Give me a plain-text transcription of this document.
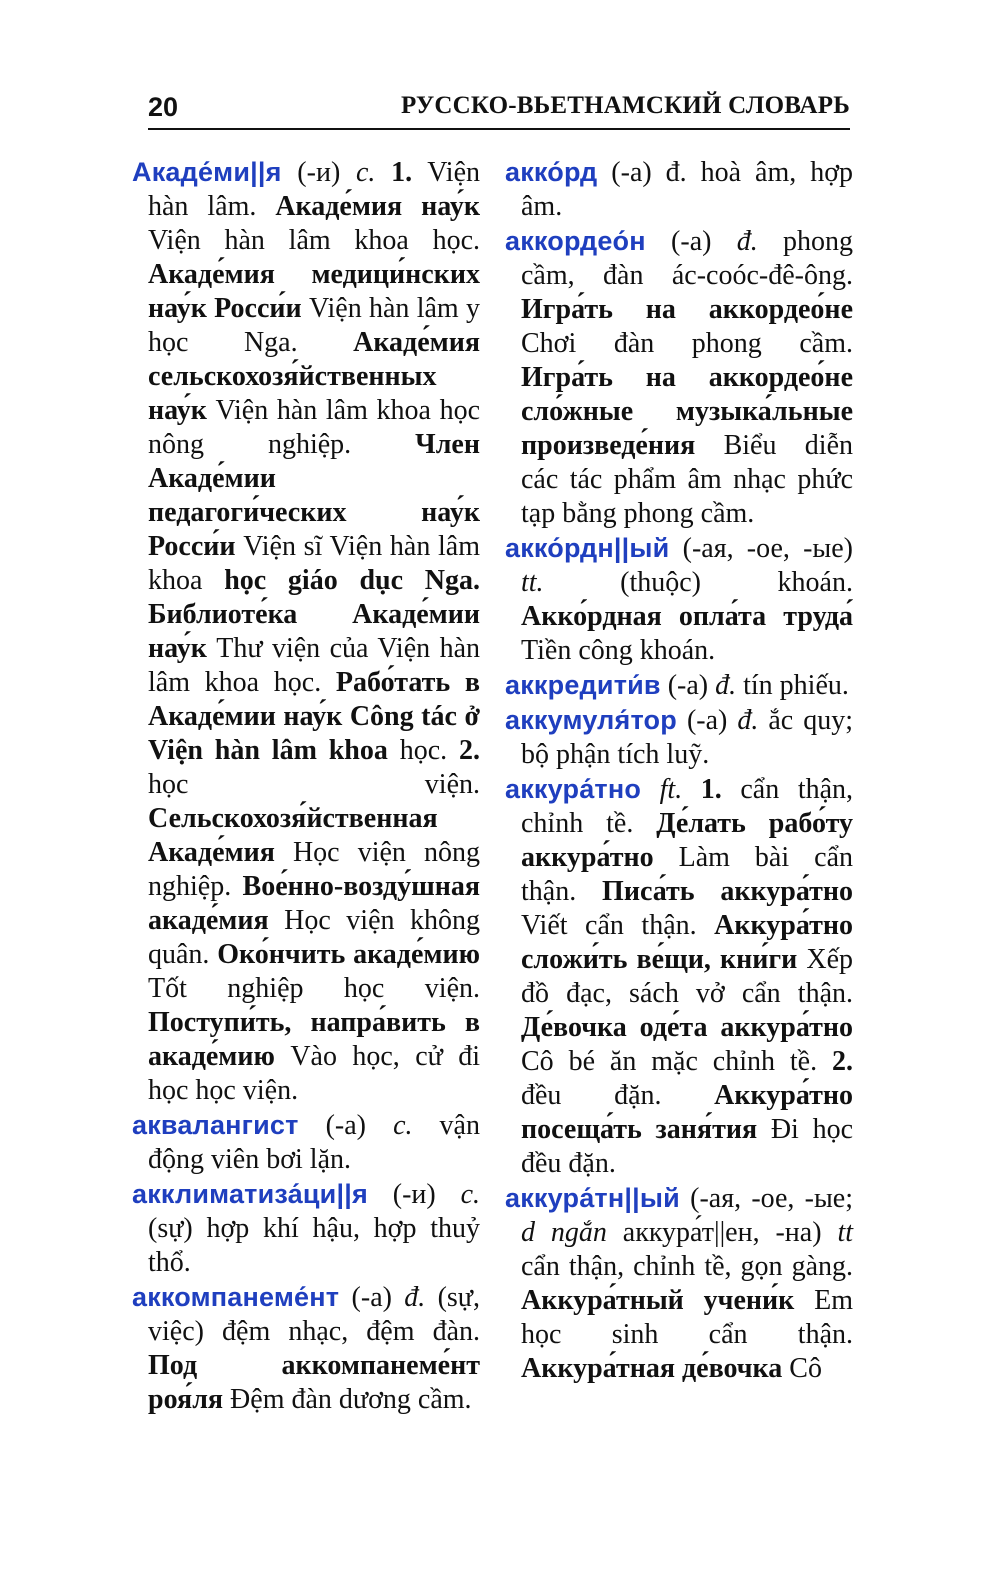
20	РУССКО-ВЬЕТНАМСКИЙ СЛОВАРЬ

Акаде́ми||я (-и) c. 1. Viện hàn lâm. Акаде́мия нау́к Viện hàn lâm khoa học. Акаде́мия медици́нских нау́к Росси́и Viện hàn lâm y học Nga. Акаде́мия сельскохозя́йственных нау́к Viện hàn lâm khoa học nông nghiệp. Член Акаде́мии педагоги́ческих нау́к Росси́и Viện sĩ Viện hàn lâm khoa học giáo dục Nga. Библиоте́ка Акаде́мии нау́к Thư viện của Viện hàn lâm khoa học. Рабо́тать в Акаде́мии нау́к Công tác ở Viện hàn lâm khoa học. 2. học viện. Сельскохозя́йственная Акаде́мия Học viện nông nghiệp. Вое́нно-возду́шная акаде́мия Học viện không quân. Око́нчить акаде́мию Tốt nghiệp học viện. Поступи́ть, напра́вить в акаде́мию Vào học, cử đi học học viện.

аквалангист (-а) c. vận động viên bơi lặn.

акклиматиза́ци||я (-и) c. (sự) hợp khí hậu, hợp thuỷ thổ.

аккомпанеме́нт (-а) đ. (sự, việc) đệm nhạc, đệm đàn. Под аккомпанеме́нт роя́ля Đệm đàn dương cầm.

акко́рд (-а) đ. hoà âm, hợp âm.

аккордео́н (-а) đ. phong cầm, đàn ác-coóc-đê-ông. Игра́ть на аккордео́не Chơi đàn phong cầm. Игра́ть на аккордео́не сло́жные музыка́льные произведе́ния Biểu diễn các tác phẩm âm nhạc phức tạp bằng phong cầm.

акко́рдн||ый (-ая, -ое, -ые) tt. (thuộc) khoán. Акко́рдная опла́та труда́ Tiền công khoán.

аккредити́в (-а) đ. tín phiếu.

аккумуля́тор (-а) đ. ắc quy; bộ phận tích luỹ.

аккура́тно ft. 1. cẩn thận, chỉnh tề. Де́лать рабо́ту аккура́тно Làm bài cẩn thận. Писа́ть аккура́тно Viết cẩn thận. Аккура́тно сложи́ть ве́щи, кни́ги Xếp đồ đạc, sách vở cẩn thận. Де́вочка оде́та аккура́тно Cô bé ăn mặc chỉnh tề. 2. đều đặn. Аккура́тно посеща́ть заня́тия Đi học đều đặn.

аккура́тн||ый (-ая, -ое, -ые; d ngắn аккура́т||ен, -на) tt cẩn thận, chỉnh tề, gọn gàng. Аккура́тный учени́к Em học sinh cẩn thận. Аккура́тная де́вочка Cô
